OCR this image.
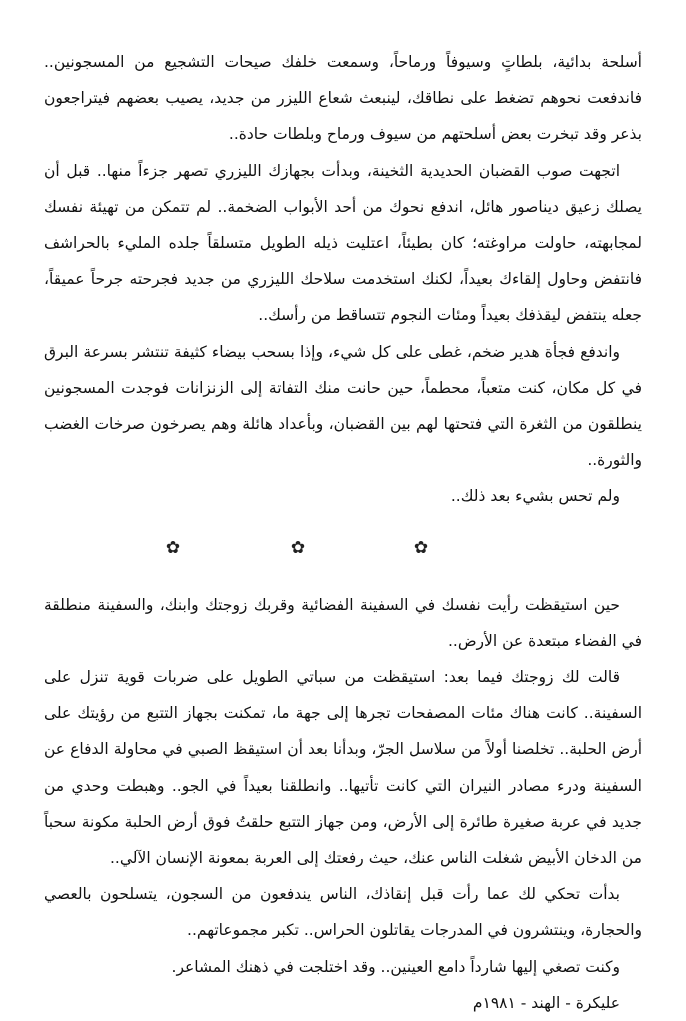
أسلحة بدائية، بلطاتٍ وسيوفاً ورماحاً، وسمعت خلفك صيحات التشجيع من المسجونين.. فاندفعت نحوهم تضغط على نطاقك، لينبعث شعاع الليزر من جديد، يصيب بعضهم فيتراجعون بذعر وقد تبخرت بعض أسلحتهم من سيوف ورماح وبلطات حادة..

اتجهت صوب القضبان الحديدية الثخينة، وبدأت بجهازك الليزري تصهر جزءاً منها.. قبل أن يصلك زعيق ديناصور هائل، اندفع نحوك من أحد الأبواب الضخمة.. لم تتمكن من تهيئة نفسك لمجابهته، حاولت مراوغته؛ كان بطيئاً، اعتليت ذيله الطويل متسلقاً جلده المليء بالحراشف فانتفض وحاول إلقاءك بعيداً، لكنك استخدمت سلاحك الليزري من جديد فجرحته جرحاً عميقاً، جعله ينتفض ليقذفك بعيداً ومئات النجوم تتساقط من رأسك..

واندفع فجأة هدير ضخم، غطى على كل شيء، وإذا بسحب بيضاء كثيفة تنتشر بسرعة البرق في كل مكان، كنت متعباً، محطماً، حين حانت منك التفاتة إلى الزنزانات فوجدت المسجونين ينطلقون من الثغرة التي فتحتها لهم بين القضبان، وبأعداد هائلة وهم يصرخون صرخات الغضب والثورة..

ولم تحس بشيء بعد ذلك..

✿	✿	✿

حين استيقظت رأيت نفسك في السفينة الفضائية وقربك زوجتك وابنك، والسفينة منطلقة في الفضاء مبتعدة عن الأرض..

قالت لك زوجتك فيما بعد: استيقظت من سباتي الطويل على ضربات قوية تنزل على السفينة.. كانت هناك مئات المصفحات تجرها إلى جهة ما، تمكنت بجهاز التتبع من رؤيتك على أرض الحلبة.. تخلصنا أولاً من سلاسل الجرّ، وبدأنا بعد أن استيقظ الصبي في محاولة الدفاع عن السفينة ودرء مصادر النيران التي كانت تأتيها.. وانطلقنا بعيداً في الجو.. وهبطت وحدي من جديد في عربة صغيرة طائرة إلى الأرض، ومن جهاز التتبع حلقتُ فوق أرض الحلبة مكونة سحباً من الدخان الأبيض شغلت الناس عنك، حيث رفعتك إلى العربة بمعونة الإنسان الآلي..

بدأت تحكي لك عما رأت قبل إنقاذك، الناس يندفعون من السجون، يتسلحون بالعصي والحجارة، وينتشرون في المدرجات يقاتلون الحراس.. تكبر مجموعاتهم..

وكنت تصغي إليها شارداً دامع العينين.. وقد اختلجت في ذهنك المشاعر.

عليكرة - الهند - ١٩٨١م
